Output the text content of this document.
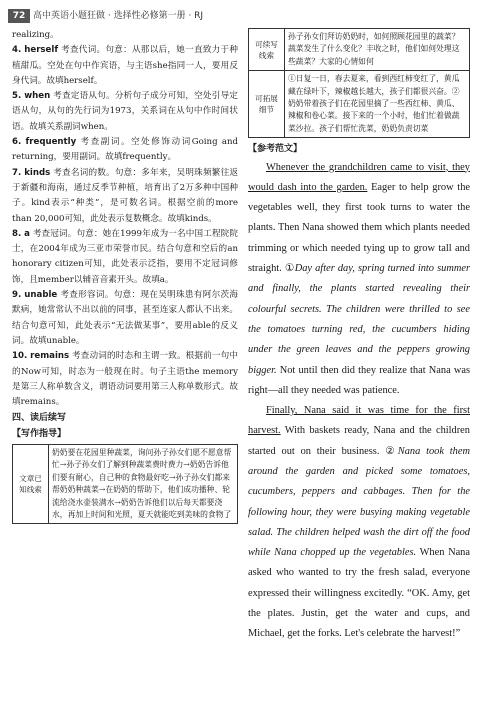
72 高中英语小题狂做 · 选择性必修第一册 · RJ

realizing。

4. herself 考查代词。句意：从那以后，她一直致力于种植甜瓜。空处在句中作宾语，与主语she指同一人，要用反身代词。故填herself。

5. when 考查定语从句。分析句子成分可知，空处引导定语从句，从句的先行词为1973，关系词在从句中作时间状语。故填关系副词when。

6. frequently 考查副词。空处修饰动词Going and returning，要用副词。故填frequently。

7. kinds 考查名词的数。句意：多年来，吴明珠频繁往返于新疆和海南，通过反季节种植，培育出了2万多种中国种子。kind表示“种类”，是可数名词。根据空前的more than 20,000可知，此处表示复数概念。故填kinds。

8. a 考查冠词。句意：她在1999年成为一名中国工程院院士，在2004年成为三亚市荣誉市民。结合句意和空后的an honorary citizen可知，此处表示泛指，要用不定冠词修饰，且member以辅音音素开头。故填a。

9. unable 考查形容词。句意：现在吴明珠患有阿尔茨海默病，她常常认不出以前的同事，甚至连家人都认不出来。结合句意可知，此处表示“无法做某事”，要用able的反义词。故填unable。

10. remains 考查动词的时态和主谓一致。根据前一句中的Now可知，时态为一般现在时。句子主语the memory是第三人称单数含义，谓语动词要用第三人称单数形式。故填remains。

四、读后续写
【写作指导】
文章已知线索	奶奶要在花园里种蔬菜，询问孙子孙女们愿不愿意帮忙→孙子孙女们了解到种蔬菜费时费力→奶奶告诉他们要有耐心，自己种的食物最好吃→孙子孙女们都来帮奶奶种蔬菜→在奶奶的帮助下，他们成功播种、轮流给浇水壶装满水→奶奶告诉他们以后每天都要浇水，再加上时间和光照，夏天就能吃到美味的食物了
可续写线索	孙子孙女们拜访奶奶时，如何照顾花园里的蔬菜？蔬菜发生了什么变化？丰收之时，他们如何处理这些蔬菜？大家的心情如何
可拓展细节	①日复一日，春去夏来，看到西红柿变红了，黄瓜藏在绿叶下，辣椒越长越大，孩子们都很兴奋。②奶奶带着孩子们在花园里摘了一些西红柿、黄瓜、辣椒和卷心菜。接下来的一个小时，他们忙着做蔬菜沙拉。孩子们帮忙洗菜，奶奶负责切菜
【参考范文】

Whenever the grandchildren came to visit, they would dash into the garden. Eager to help grow the vegetables well, they first took turns to water the plants. Then Nana showed them which plants needed trimming or which needed tying up to grow tall and straight. ①Day after day, spring turned into summer and finally, the plants started revealing their colourful secrets. The children were thrilled to see the tomatoes turning red, the cucumbers hiding under the green leaves and the peppers growing bigger. Not until then did they realize that Nana was right—all they needed was patience.

Finally, Nana said it was time for the first harvest. With baskets ready, Nana and the children started out on their business. ②Nana took them around the garden and picked some tomatoes, cucumbers, peppers and cabbages. Then for the following hour, they were busying making vegetable salad. The children helped wash the dirt off the food while Nana chopped up the vegetables. When Nana asked who wanted to try the fresh salad, everyone expressed their willingness excitedly. “OK. Amy, get the plates. Justin, get the water and cups, and Michael, get the forks. Let's celebrate the harvest!”
